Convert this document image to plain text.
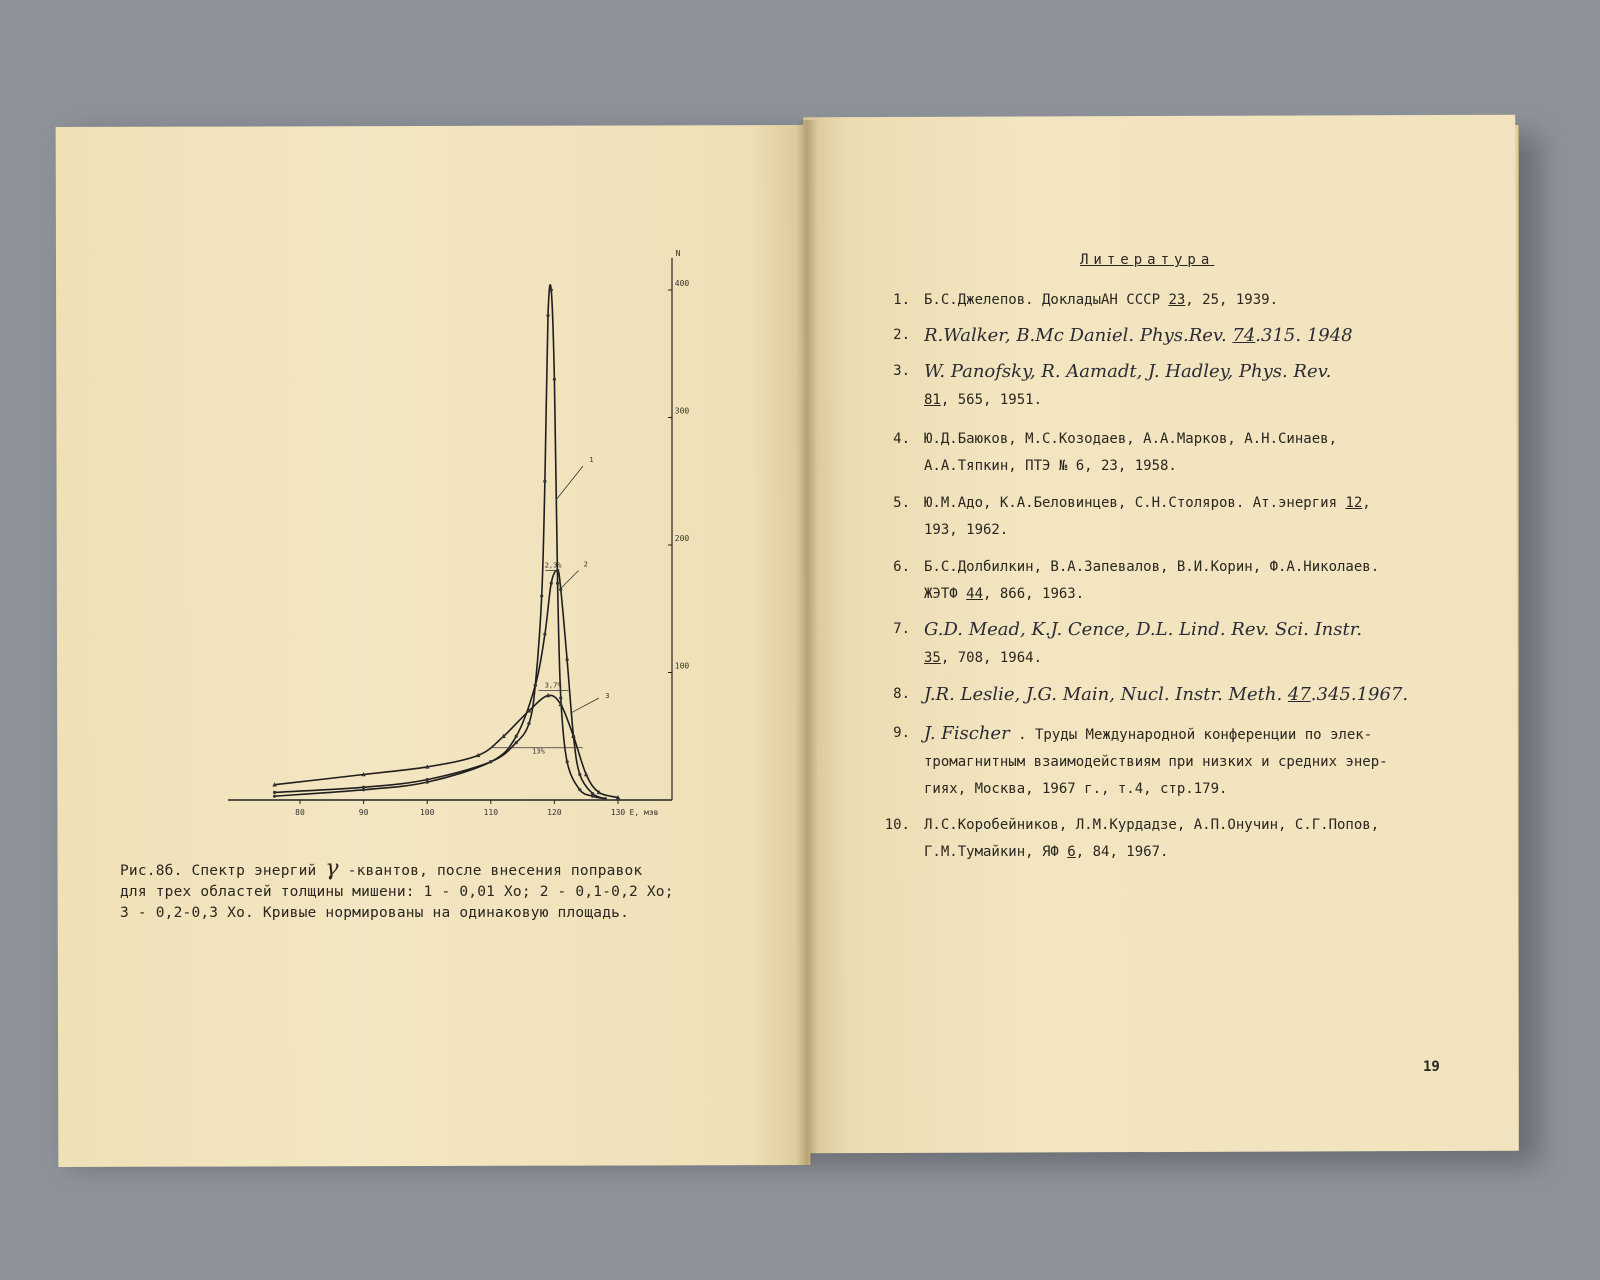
80	90	100	110	120	130 E, мэв
100
200
300
400
N
2,3%
3,7%
13%
1
2
3
Рис.8б. Спектр энергий γ -квантов, после внесения поправок
для трех областей толщины мишени: 1 - 0,01 Хо; 2 - 0,1-0,2 Хо;
3 - 0,2-0,3 Хо. Кривые нормированы на одинаковую площадь.
Литература
1. Б.С.Джелепов. ДокладыАН СССР 23, 25, 1939.
2. R.Walker, B.Mc Daniel. Phys.Rev. 74.315. 1948
3. W. Panofsky, R. Aamadt, J. Hadley, Phys. Rev.
81, 565, 1951.
4. Ю.Д.Баюков, М.С.Козодаев, А.А.Марков, А.Н.Синаев,
А.А.Тяпкин, ПТЭ № 6, 23, 1958.
5. Ю.М.Адо, К.А.Беловинцев, С.Н.Столяров. Ат.энергия 12,
193, 1962.
6. Б.С.Долбилкин, В.А.Запевалов, В.И.Корин, Ф.А.Николаев.
ЖЭТФ 44, 866, 1963.
7. G.D. Mead, K.J. Cence, D.L. Lind. Rev. Sci. Instr.
35, 708, 1964.
8. J.R. Leslie, J.G. Main, Nucl. Instr. Meth. 47.345.1967.
9. J. Fischer . Труды Международной конференции по элек-
тромагнитным взаимодействиям при низких и средних энер-
гиях, Москва, 1967 г., т.4, стр.179.
10. Л.С.Коробейников, Л.М.Курдадзе, А.П.Онучин, С.Г.Попов,
Г.М.Тумайкин, ЯФ 6, 84, 1967.
19
